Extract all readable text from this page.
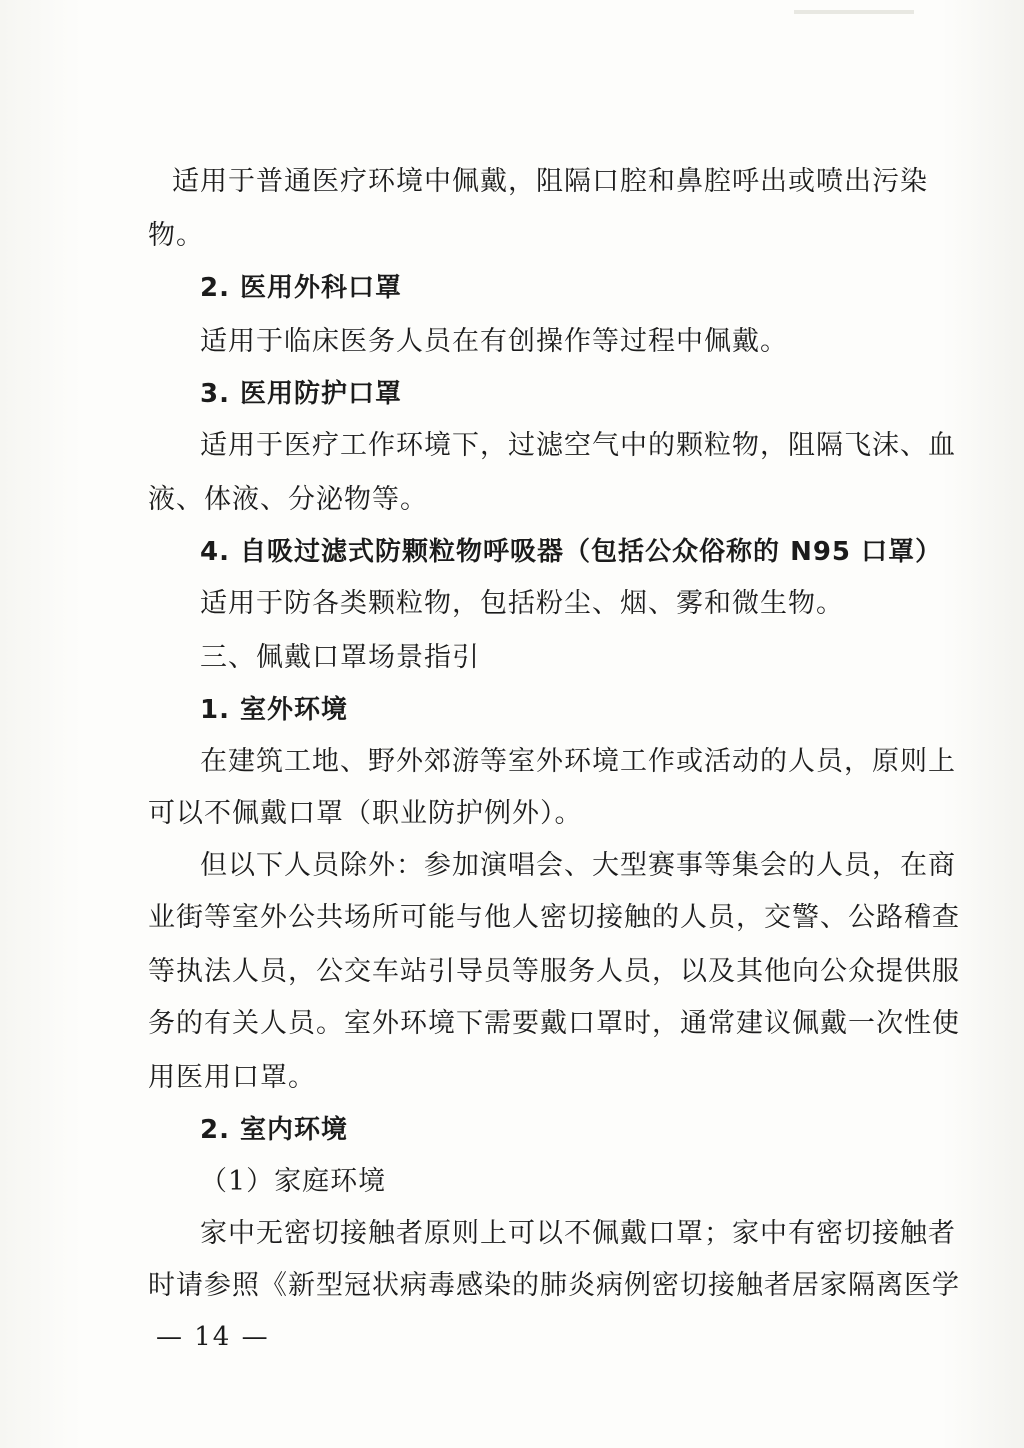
适用于普通医疗环境中佩戴，阻隔口腔和鼻腔呼出或喷出污染
物。
2. 医用外科口罩
适用于临床医务人员在有创操作等过程中佩戴。
3. 医用防护口罩
适用于医疗工作环境下，过滤空气中的颗粒物，阻隔飞沫、血
液、体液、分泌物等。
4. 自吸过滤式防颗粒物呼吸器（包括公众俗称的 N95 口罩）
适用于防各类颗粒物，包括粉尘、烟、雾和微生物。
三、佩戴口罩场景指引
1. 室外环境
在建筑工地、野外郊游等室外环境工作或活动的人员，原则上
可以不佩戴口罩（职业防护例外）。
但以下人员除外：参加演唱会、大型赛事等集会的人员，在商
业街等室外公共场所可能与他人密切接触的人员，交警、公路稽查
等执法人员，公交车站引导员等服务人员，以及其他向公众提供服
务的有关人员。室外环境下需要戴口罩时，通常建议佩戴一次性使
用医用口罩。
2. 室内环境
（1）家庭环境
家中无密切接触者原则上可以不佩戴口罩；家中有密切接触者
时请参照《新型冠状病毒感染的肺炎病例密切接触者居家隔离医学
— 14 —
